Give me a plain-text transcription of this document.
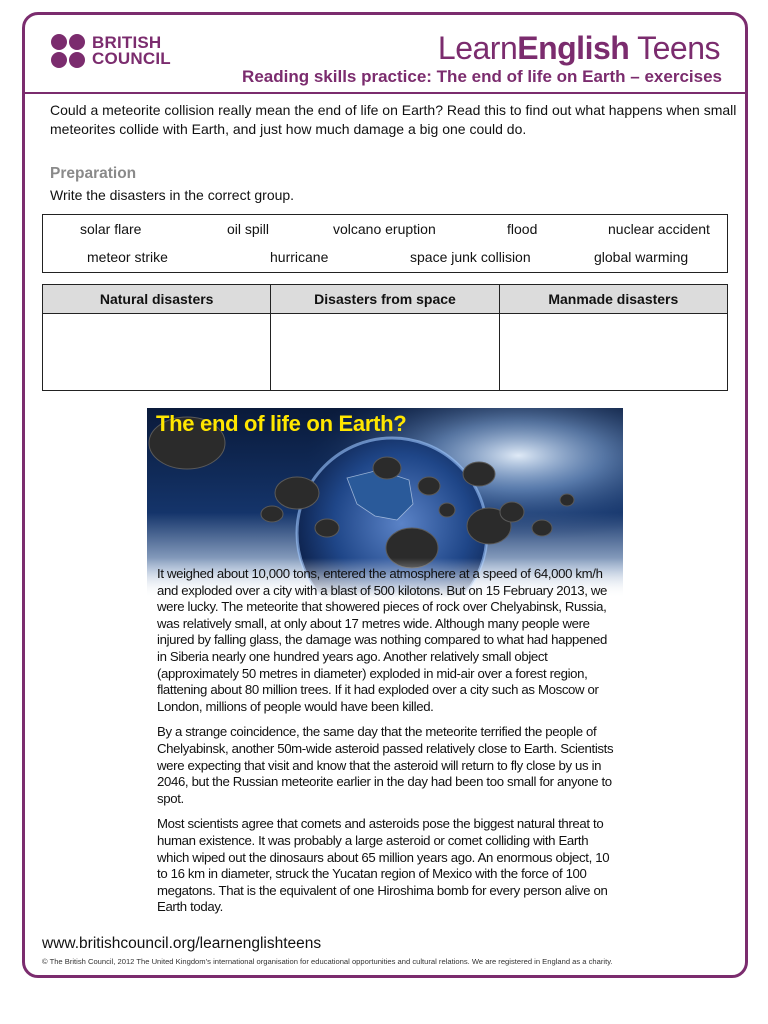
BRITISH
COUNCIL	LearnEnglish Teens
Reading skills practice: The end of life on Earth – exercises
Could a meteorite collision really mean the end of life on Earth? Read this to find out what happens when small meteorites collide with Earth, and just how much damage a big one could do.
Preparation
Write the disasters in the correct group.
solar flare	oil spill	volcano eruption	flood	nuclear accident
meteor strike	hurricane	space junk collision	global warming
Natural disasters	Disasters from space	Manmade disasters

The end of life on Earth?

It weighed about 10,000 tons, entered the atmosphere at a speed of 64,000 km/h and exploded over a city with a blast of 500 kilotons. But on 15 February 2013, we were lucky. The meteorite that showered pieces of rock over Chelyabinsk, Russia, was relatively small, at only about 17 metres wide. Although many people were injured by falling glass, the damage was nothing compared to what had happened in Siberia nearly one hundred years ago. Another relatively small object (approximately 50 metres in diameter) exploded in mid-air over a forest region, flattening about 80 million trees. If it had exploded over a city such as Moscow or London, millions of people would have been killed.

By a strange coincidence, the same day that the meteorite terrified the people of Chelyabinsk, another 50m-wide asteroid passed relatively close to Earth. Scientists were expecting that visit and know that the asteroid will return to fly close by us in 2046, but the Russian meteorite earlier in the day had been too small for anyone to spot.

Most scientists agree that comets and asteroids pose the biggest natural threat to human existence. It was probably a large asteroid or comet colliding with Earth which wiped out the dinosaurs about 65 million years ago. An enormous object, 10 to 16 km in diameter, struck the Yucatan region of Mexico with the force of 100 megatons. That is the equivalent of one Hiroshima bomb for every person alive on Earth today.

www.britishcouncil.org/learnenglishteens
© The British Council, 2012 The United Kingdom’s international organisation for educational opportunities and cultural relations. We are registered in England as a charity.
